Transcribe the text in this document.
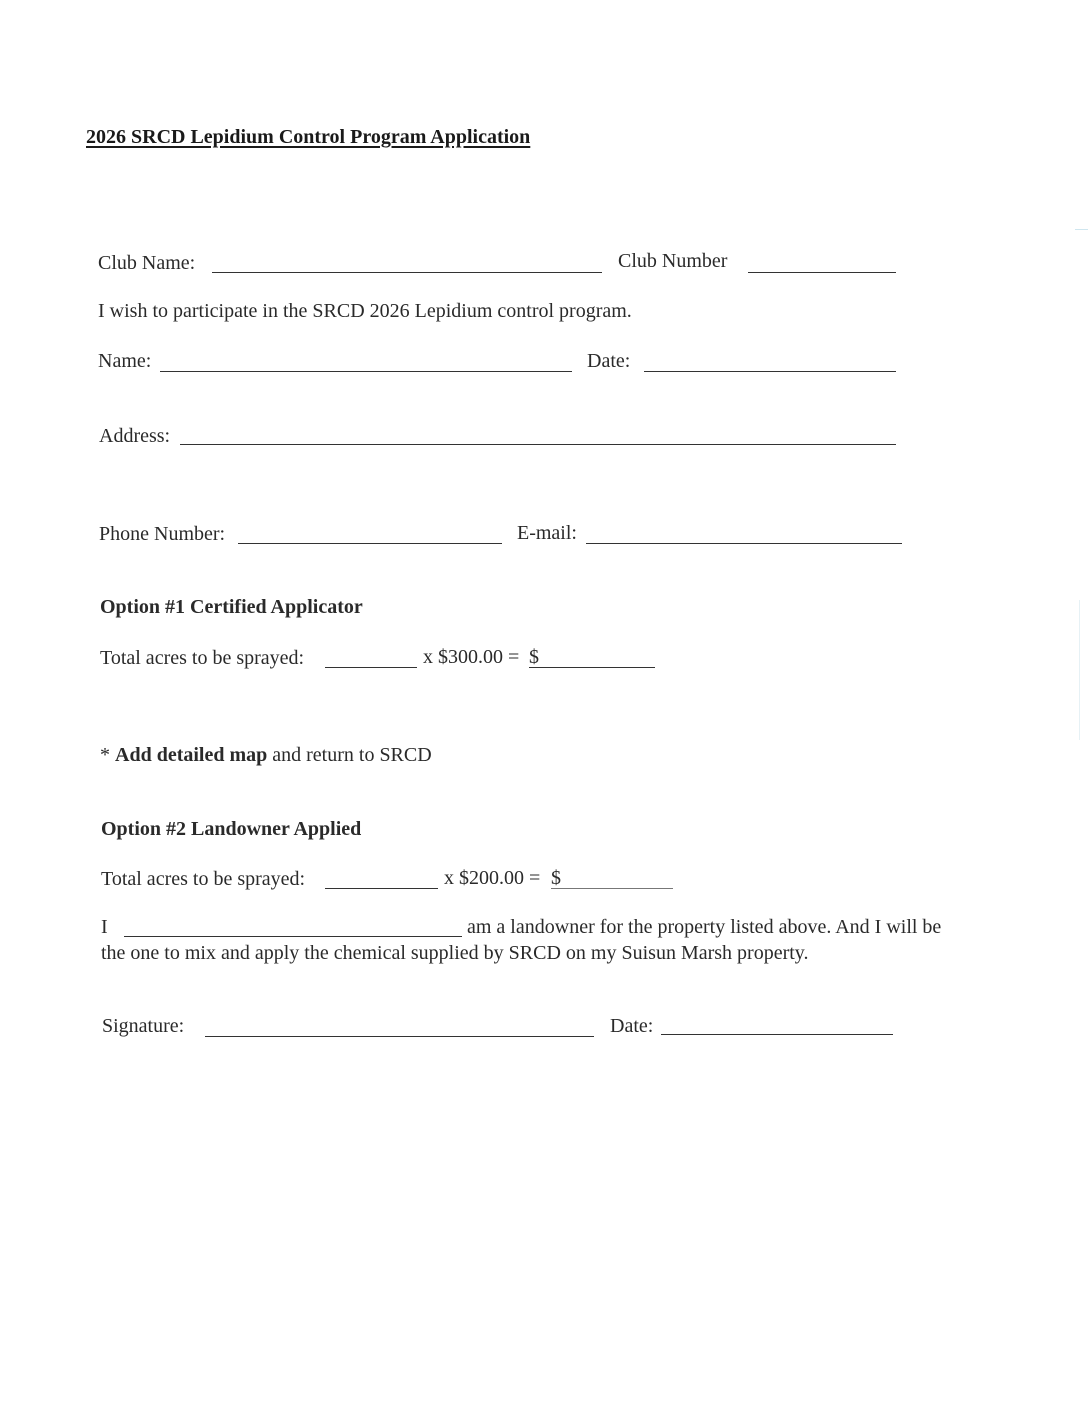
2026 SRCD Lepidium Control Program Application
Club Name:	Club Number
I wish to participate in the SRCD 2026 Lepidium control program.
Name:	Date:
Address:
Phone Number:	E-mail:
Option #1 Certified Applicator
Total acres to be sprayed:	x $300.00 = $
* Add detailed map and return to SRCD
Option #2 Landowner Applied
Total acres to be sprayed:	x $200.00 = $
I	am a landowner for the property listed above. And I will be
the one to mix and apply the chemical supplied by SRCD on my Suisun Marsh property.
Signature:	Date:
